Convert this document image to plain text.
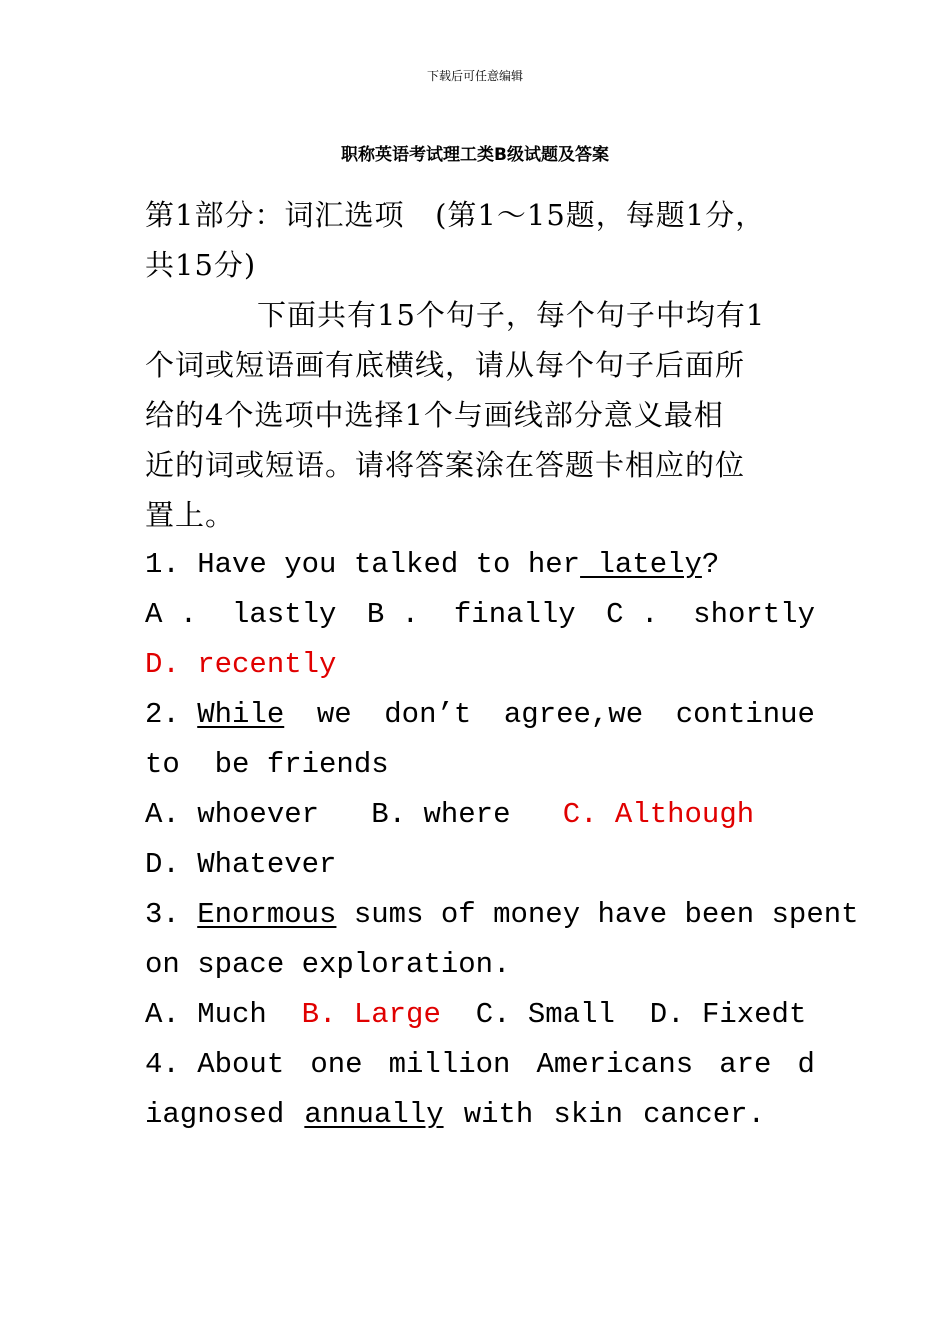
下载后可任意编辑
职称英语考试理工类B级试题及答案
第1部分：词汇选项   (第1～15题，每题1分，
共15分)
下面共有15个句子，每个句子中均有1
个词或短语画有底横线，请从每个句子后面所
给的4个选项中选择1个与画线部分意义最相
近的词或短语。请将答案涂在答题卡相应的位
置上。
1. Have you talked to her lately?
A .  lastly B .  finally C .  shortly
D. recently
2. While we don’t agree,we continue
to  be friends
A. whoever B. where C. Although
D. Whatever
3. Enormous sums of money have been spent
on space exploration.
A. Much B. Large C. Small D. Fixedt
4. About one million Americans are d
iagnosed annually with skin cancer.
